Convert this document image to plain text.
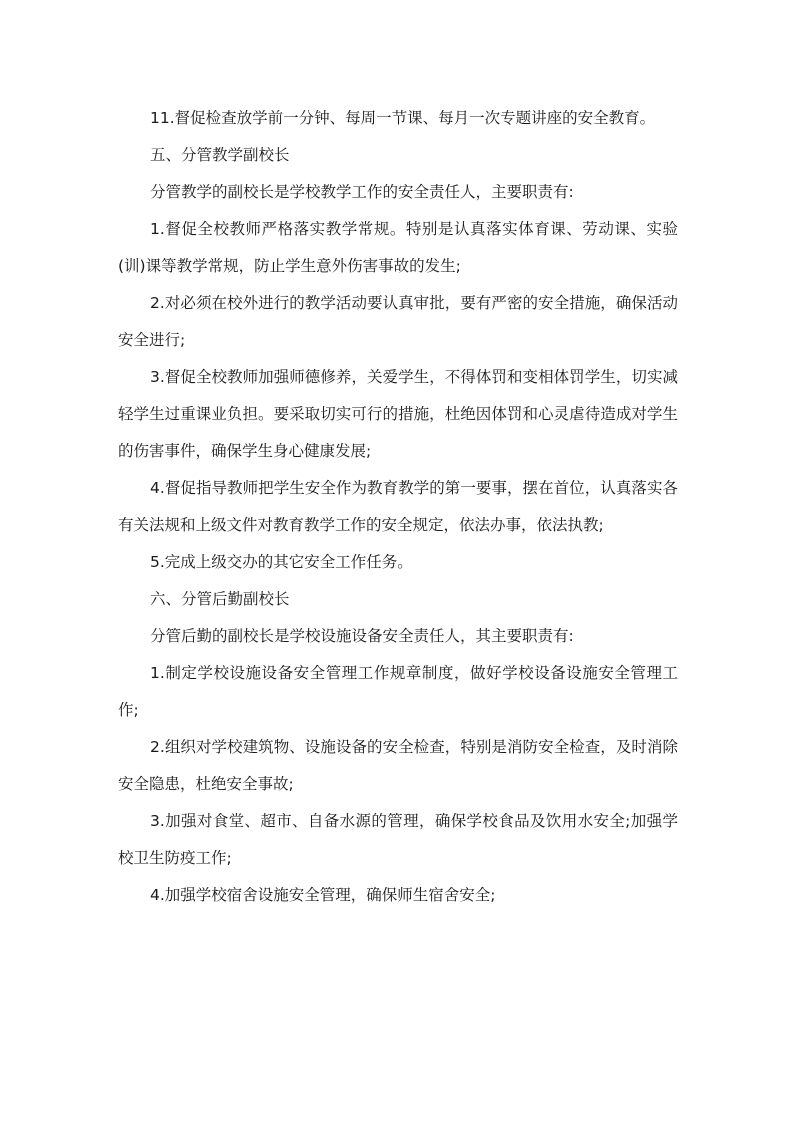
11.督促检查放学前一分钟、每周一节课、每月一次专题讲座的安全教育。

五、分管教学副校长

分管教学的副校长是学校教学工作的安全责任人，主要职责有:

1.督促全校教师严格落实教学常规。特别是认真落实体育课、劳动课、实验(训)课等教学常规，防止学生意外伤害事故的发生;

2.对必须在校外进行的教学活动要认真审批，要有严密的安全措施，确保活动安全进行;

3.督促全校教师加强师德修养，关爱学生，不得体罚和变相体罚学生，切实减轻学生过重课业负担。要采取切实可行的措施，杜绝因体罚和心灵虐待造成对学生的伤害事件，确保学生身心健康发展;

4.督促指导教师把学生安全作为教育教学的第一要事，摆在首位，认真落实各有关法规和上级文件对教育教学工作的安全规定，依法办事，依法执教;

5.完成上级交办的其它安全工作任务。

六、分管后勤副校长

分管后勤的副校长是学校设施设备安全责任人，其主要职责有:

1.制定学校设施设备安全管理工作规章制度，做好学校设备设施安全管理工作;

2.组织对学校建筑物、设施设备的安全检查，特别是消防安全检查，及时消除安全隐患，杜绝安全事故;

3.加强对食堂、超市、自备水源的管理，确保学校食品及饮用水安全;加强学校卫生防疫工作;

4.加强学校宿舍设施安全管理，确保师生宿舍安全;
